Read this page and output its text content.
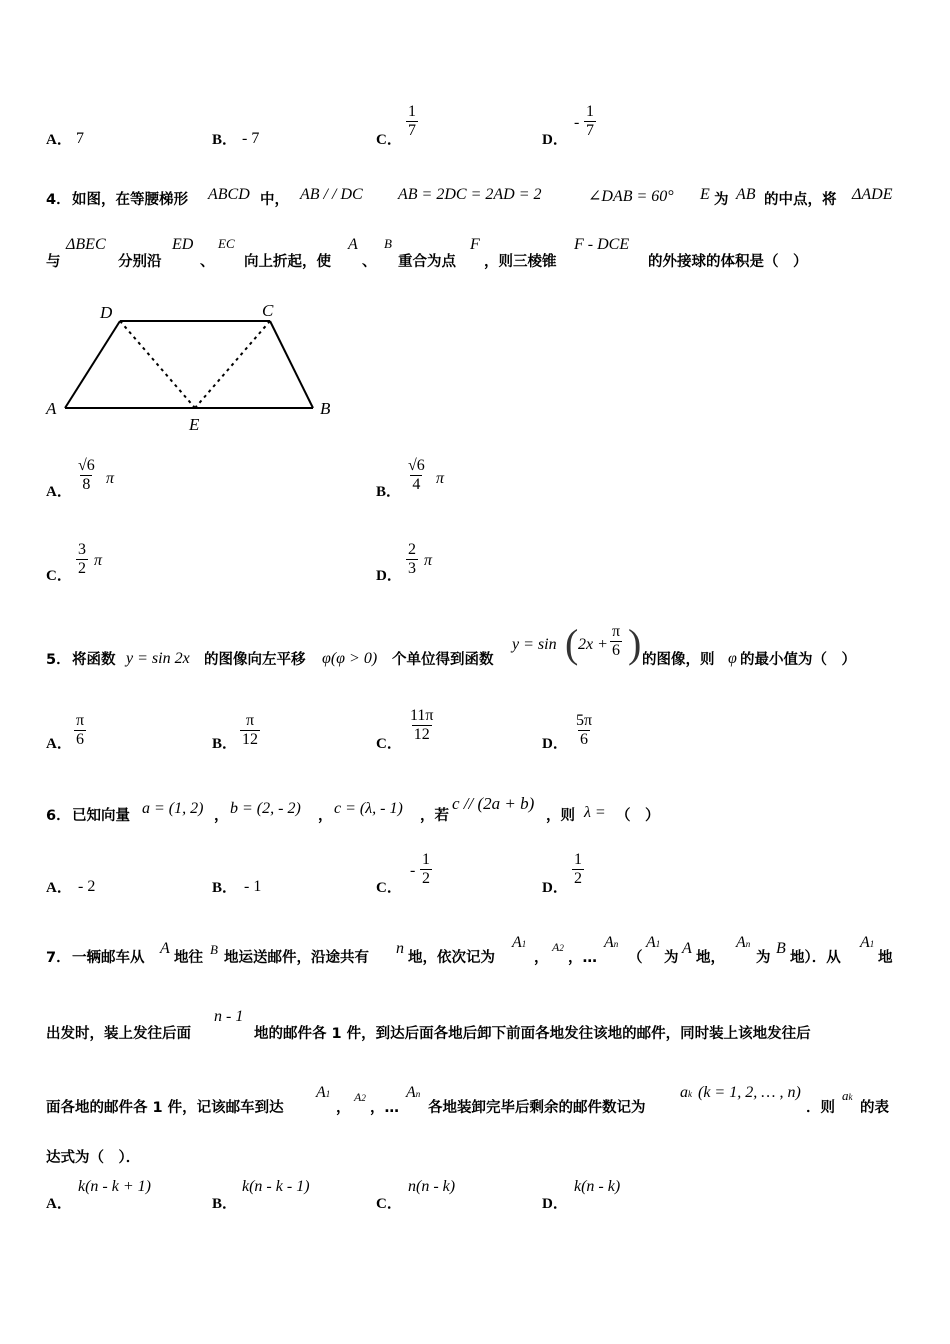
A． 7	B． - 7	C． $\frac{1}{7}$	D．
- $\frac{1}{7}$
4． 如图，在等腰梯形 ABCD 中， AB / / DC AB = 2DC = 2AD = 2	∠DAB = 60° E 为 AB 的中点，将 ΔADE
与
ΔBEC
分别沿
ED
、
EC
向上折起，使
A
、
B
重合为点
F
，则三棱锥
F - DCE
的外接球的体积是（　）
A	B
C
D
E
A． $\frac{√6}{8}$ π
B． $\frac{√6}{4}$ π
C． $\frac{3}{2}$ π
D． $\frac{2}{3}$ π
5． 将函数 y = sin 2x 的图像向左平移 φ(φ > 0) 个单位得到函数
y = sin ( $2x + \frac{\pi}{6}$ ) 的图像，则 φ 的最小值为（　）
A． $\frac{\pi}{6}$	B． $\frac{\pi}{12}$	C． $\frac{11\pi}{12}$	D． $\frac{5\pi}{6}$
6． 已知向量 a = (1, 2) ， b = (2, - 2) ， c = (λ, - 1) ，若
c // (2a + b)
，则 λ = （　）
A． - 2	B． - 1	C．
- $\frac{1}{2}$	D． $\frac{1}{2}$
7． 一辆邮车从
A
地往
B
地运送邮件，沿途共有
n
地，依次记为
A1
，
A2
，…
An
（
A1
为
A
地，
An
为
B
地）．从
A1
地
出发时，装上发往后面
n - 1
地的邮件各 1 件，到达后面各地后卸下前面各地发往该地的邮件，同时装上该地发往后
面各地的邮件各 1 件，记该邮车到达
A1
，
A2
，…
An
各地装卸完毕后剩余的邮件数记为
ak (k = 1, 2, … , n)
．则
ak
的表
达式为（　）．
A．
k(n - k + 1)
B．
k(n - k - 1)
C．
n(n - k)
D．
k(n - k)
